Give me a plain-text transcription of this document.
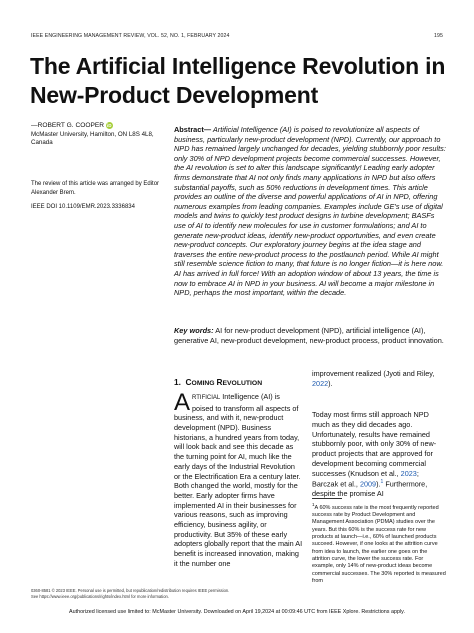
IEEE ENGINEERING MANAGEMENT REVIEW, VOL. 52, NO. 1, FEBRUARY 2024	195
The Artificial Intelligence Revolution in New-Product Development
—ROBERT G. COOPER iD
McMaster University, Hamilton, ON L8S 4L8, Canada
The review of this article was arranged by Editor Alexander Brem.
IEEE DOI 10.1109/EMR.2023.3336834
Abstract— Artificial Intelligence (AI) is poised to revolutionize all aspects of business, particularly new-product development (NPD). Currently, our approach to NPD has remained largely unchanged for decades, yielding stubbornly poor results: only 30% of NPD development projects become commercial successes. However, the AI revolution is set to alter this landscape significantly! Leading early adopter firms demonstrate that AI not only finds many applications in NPD but also offers substantial payoffs, such as 50% reductions in development times. This article provides an outline of the diverse and powerful applications of AI in NPD, offering numerous examples from leading companies. Examples include GE's use of digital models and twins to quickly test product designs in turbine development; BASFs use of AI to identify new molecules for use in customer formulations; and AI to generate new-product ideas, identify new-product opportunities, and even create new-product concepts. Our exploratory journey begins at the idea stage and traverses the entire new-product process to the postlaunch period. While AI might still resemble science fiction to many, that future is no longer fiction—it is here now. AI has arrived in full force! With an adoption window of about 13 years, the time is now to embrace AI in NPD in your business. AI will become a major milestone in NPD, perhaps the most important, within the decade.
Key words: AI for new-product development (NPD), artificial intelligence (AI), generative AI, new-product development, new-product process, product innovation.
1. COMING REVOLUTION

ARTIFICIAL Intelligence (AI) is poised to transform all aspects of business, and with it, new-product development (NPD). Business historians, a hundred years from today, will look back and see this decade as the turning point for AI, much like the early days of the Industrial Revolution or the Electrification Era a century later. Both changed the world, mostly for the better. Early adopter firms have implemented AI in their businesses for various reasons, such as improving efficiency, business agility, or productivity. But 35% of these early adopters globally report that the main AI benefit is increased innovation, making it the number one

improvement realized (Jyoti and Riley, 2022).

Today most firms still approach NPD much as they did decades ago. Unfortunately, results have remained stubbornly poor, with only 30% of new-product projects that are approved for development becoming commercial successes (Knudson et al., 2023; Barczak et al., 2009).$^1$ Furthermore, despite the promise AI

$^1$A 60% success rate is the most frequently reported success rate by Product Development and Management Association (PDMA) studies over the years. But this 60% is the success rate for new products at launch—i.e., 60% of launched products succeed. However, if one looks at the attrition curve from idea to launch, the earlier one goes on the attrition curve, the lower the success rate. For example, only 14% of new-product ideas become commercial successes. The 30% reported is measured from
0360-8581 © 2023 IEEE. Personal use is permitted, but republication/redistribution requires IEEE permission.
See https://www.ieee.org/publications/rights/index.html for more information.
Authorized licensed use limited to: McMaster University. Downloaded on April 19,2024 at 00:09:46 UTC from IEEE Xplore. Restrictions apply.
